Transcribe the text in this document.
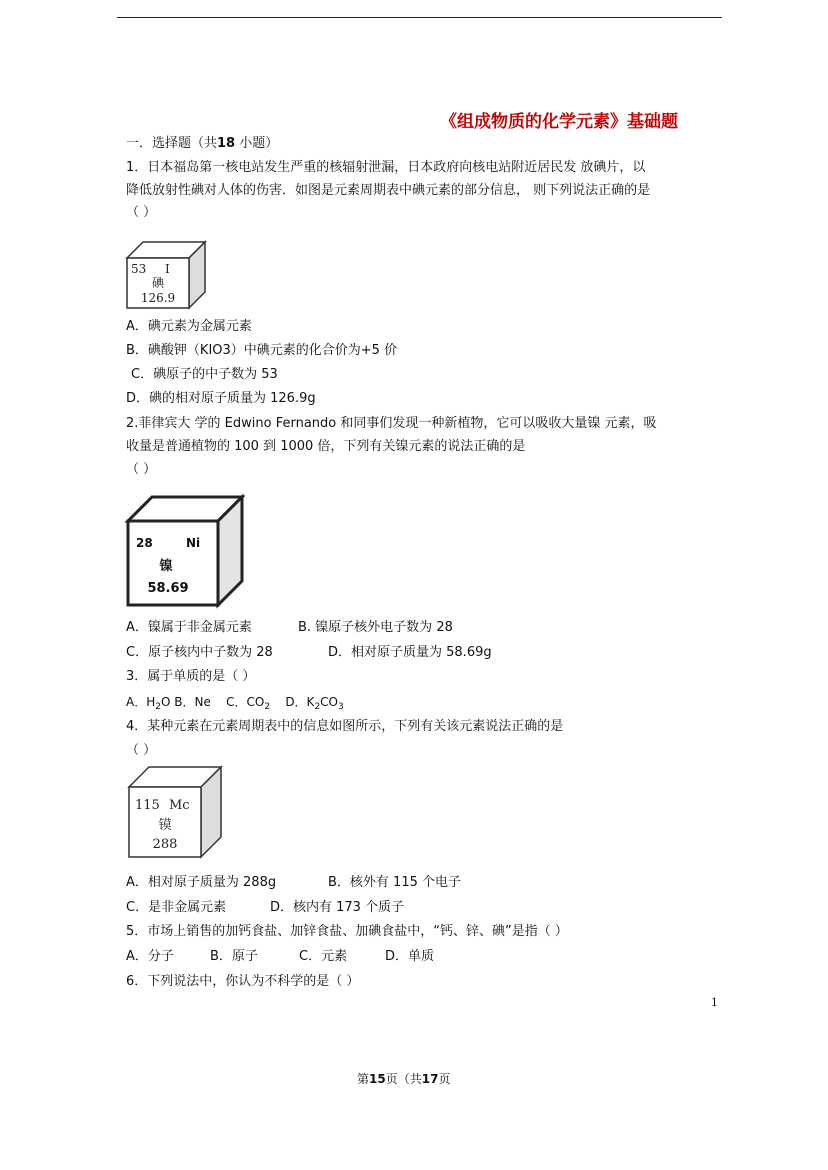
《组成物质的化学元素》基础题
一．选择题（共18 小题）
1．日本福岛第一核电站发生严重的核辐射泄漏，日本政府向核电站附近居民发 放碘片，以
降低放射性碘对人体的伤害．如图是元素周期表中碘元素的部分信息， 则下列说法正确的是
（ ）
53 I
碘
126.9
A．碘元素为金属元素
B．碘酸钾（KIO3）中碘元素的化合价为+5 价
C．碘原子的中子数为 53
D．碘的相对原子质量为 126.9g
2.菲律宾大 学的 Edwino Fernando 和同事们发现一种新植物，它可以吸收大量镍 元素，吸
收量是普通植物的 100 到 1000 倍，下列有关镍元素的说法正确的是
（ ）
28	Ni
镍
58.69
A．镍属于非金属元素	B. 镍原子核外电子数为 28
C．原子核内中子数为 28	D．相对原子质量为 58.69g
3．属于单质的是（ ）
A．$H_2O$ B．Ne C．$CO_2$ D．$K_2CO_3$
4．某种元素在元素周期表中的信息如图所示，下列有关该元素说法正确的是
（ ）
115 Mc
镆
288
A．相对原子质量为 288g	B．核外有 115 个电子
C．是非金属元素	D．核内有 173 个质子
5．市场上销售的加钙食盐、加锌食盐、加碘食盐中，“钙、锌、碘”是指（ ）
A．分子	B．原子	C．元素	D．单质
6．下列说法中，你认为不科学的是（ ）
1
第15页（共17页
